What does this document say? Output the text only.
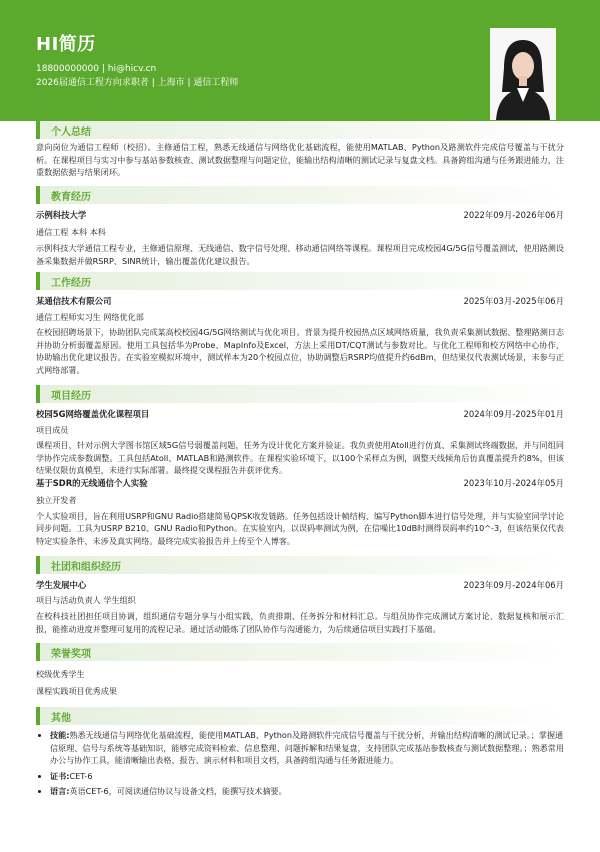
HI简历
18800000000 | hi@hicv.cn
2026届通信工程方向求职者 | 上海市 | 通信工程师
个人总结
意向岗位为通信工程师（校招）。主修通信工程，熟悉无线通信与网络优化基础流程，能使用MATLAB、Python及路测软件完成信号覆盖与干扰分析。在课程项目与实习中参与基站参数核查、测试数据整理与问题定位，能输出结构清晰的测试记录与复盘文档。具备跨组沟通与任务跟进能力，注重数据依据与结果闭环。
教育经历
示例科技大学	2022年09月-2026年06月
通信工程 本科 本科
示例科技大学通信工程专业，主修通信原理、无线通信、数字信号处理、移动通信网络等课程。课程项目完成校园4G/5G信号覆盖测试，使用路测设备采集数据并做RSRP、SINR统计，输出覆盖优化建议报告。
工作经历
某通信技术有限公司	2025年03月-2025年06月
通信工程师实习生 网络优化部
在校园招聘场景下，协助团队完成某高校校园4G/5G网络测试与优化项目。背景为提升校园热点区域网络质量，我负责采集测试数据、整理路测日志并协助分析弱覆盖原因。使用工具包括华为Probe、MapInfo及Excel，方法上采用DT/CQT测试与参数对比。与优化工程师和校方网络中心协作，协助输出优化建议报告。在实验室模拟环境中，测试样本为20个校园点位，协助调整后RSRP均值提升约6dBm，但结果仅代表测试场景，未参与正式网络部署。
项目经历
校园5G网络覆盖优化课程项目	2024年09月-2025年01月
项目成员
课程项目，针对示例大学图书馆区域5G信号弱覆盖问题，任务为设计优化方案并验证。我负责使用Atoll进行仿真、采集测试终端数据，并与同组同学协作完成参数调整。工具包括Atoll、MATLAB和路测软件。在课程实验环境下，以100个采样点为例，调整天线倾角后仿真覆盖提升约8%，但该结果仅限仿真模型，未进行实际部署。最终提交课程报告并获评优秀。
基于SDR的无线通信个人实验	2023年10月-2024年05月
独立开发者
个人实验项目，旨在利用USRP和GNU Radio搭建简易QPSK收发链路。任务包括设计帧结构、编写Python脚本进行信号处理，并与实验室同学讨论同步问题。工具为USRP B210、GNU Radio和Python。在实验室内，以误码率测试为例，在信噪比10dB时测得误码率约10^-3，但该结果仅代表特定实验条件，未涉及真实网络。最终完成实验报告并上传至个人博客。
社团和组织经历
学生发展中心	2023年09月-2024年06月
项目与活动负责人 学生组织
在校科技社团担任项目协调，组织通信专题分享与小组实践，负责排期、任务拆分和材料汇总。与组员协作完成测试方案讨论、数据复核和展示汇报，能推动进度并整理可复用的流程记录。通过活动锻炼了团队协作与沟通能力，为后续通信项目实践打下基础。
荣誉奖项
校级优秀学生
课程实践项目优秀成果
其他
• 技能:熟悉无线通信与网络优化基础流程，能使用MATLAB、Python及路测软件完成信号覆盖与干扰分析，并输出结构清晰的测试记录。；掌握通信原理、信号与系统等基础知识，能够完成资料检索、信息整理、问题拆解和结果复盘，支持团队完成基站参数核查与测试数据整理。；熟悉常用办公与协作工具，能清晰输出表格、报告、演示材料和项目文档，具备跨组沟通与任务跟进能力。
• 证书:CET-6
• 语言:英语CET-6，可阅读通信协议与设备文档，能撰写技术摘要。
